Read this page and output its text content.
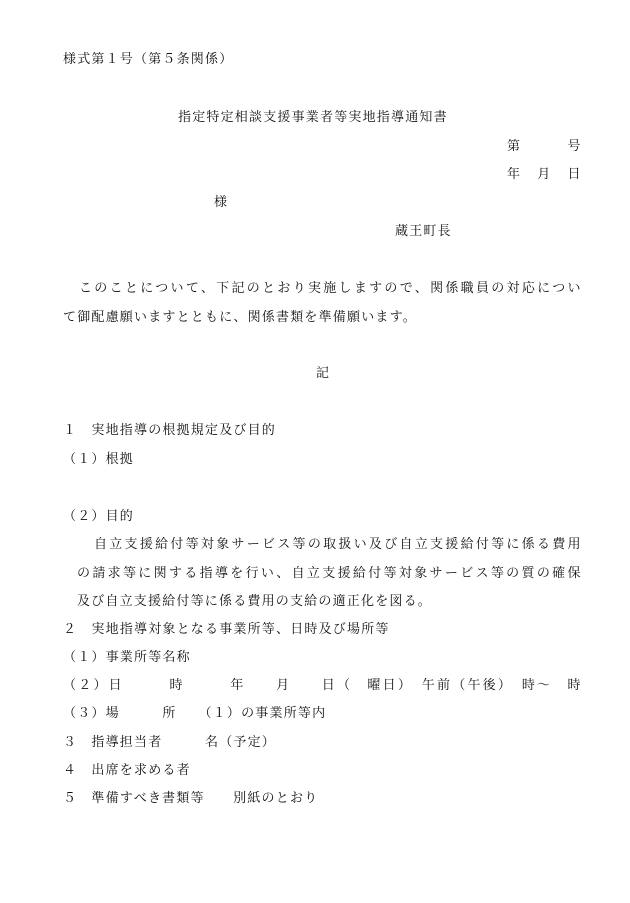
様式第１号（第５条関係）
指定特定相談支援事業者等実地指導通知書
第　　　号
年　月　日
様
蔵王町長
このことについて、下記のとおり実施しますので、関係職員の対応につい
て御配慮願いますとともに、関係書類を準備願います。
記
１　実地指導の根拠規定及び目的
（１）根拠
（２）目的
自立支援給付等対象サービス等の取扱い及び自立支援給付等に係る費用
の請求等に関する指導を行い、自立支援給付等対象サービス等の質の確保
及び自立支援給付等に係る費用の支給の適正化を図る。
２　実地指導対象となる事業所等、日時及び場所等
（１）事業所等名称
（２）日　　　時　　　年　　月　　日（　曜日）　午前（午後）　時～　時
（３）場　　　所　　（１）の事業所等内
３　指導担当者　　　名（予定）
４　出席を求める者
５　準備すべき書類等　　別紙のとおり
